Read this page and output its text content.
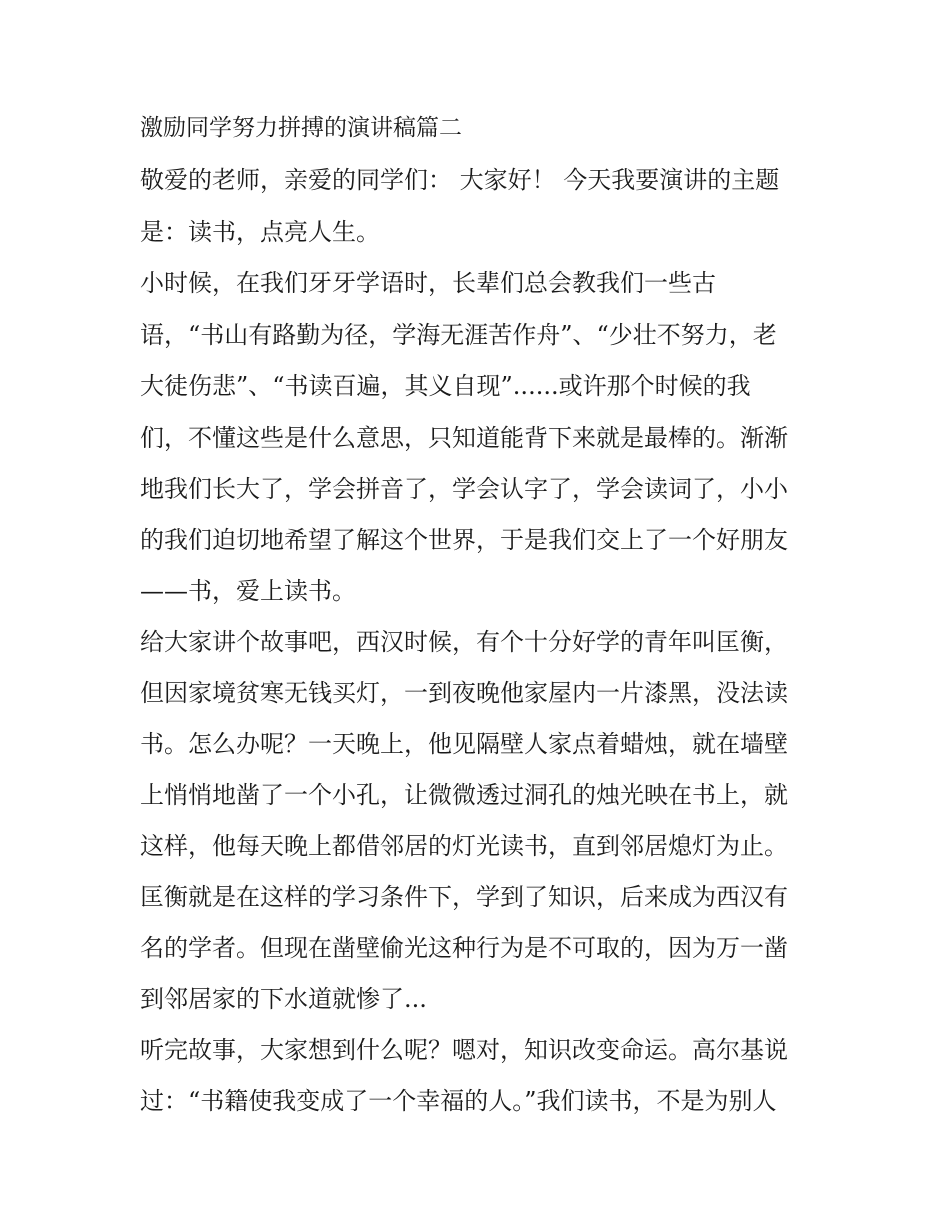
激励同学努力拼搏的演讲稿篇二
敬爱的老师，亲爱的同学们： 大家好！ 今天我要演讲的主题
是：读书，点亮人生。
小时候，在我们牙牙学语时，长辈们总会教我们一些古
语，“书山有路勤为径，学海无涯苦作舟”、“少壮不努力，老
大徒伤悲”、“书读百遍，其义自现”......或许那个时候的我
们，不懂这些是什么意思，只知道能背下来就是最棒的。渐渐
地我们长大了，学会拼音了，学会认字了，学会读词了，小小
的我们迫切地希望了解这个世界，于是我们交上了一个好朋友
——书，爱上读书。
给大家讲个故事吧，西汉时候，有个十分好学的青年叫匡衡，
但因家境贫寒无钱买灯，一到夜晚他家屋内一片漆黑，没法读
书。怎么办呢？一天晚上，他见隔壁人家点着蜡烛，就在墙壁
上悄悄地凿了一个小孔，让微微透过洞孔的烛光映在书上，就
这样，他每天晚上都借邻居的灯光读书，直到邻居熄灯为止。
匡衡就是在这样的学习条件下，学到了知识，后来成为西汉有
名的学者。但现在凿壁偷光这种行为是不可取的，因为万一凿
到邻居家的下水道就惨了...
听完故事，大家想到什么呢？嗯对，知识改变命运。高尔基说
过：“书籍使我变成了一个幸福的人。”我们读书，不是为别人
